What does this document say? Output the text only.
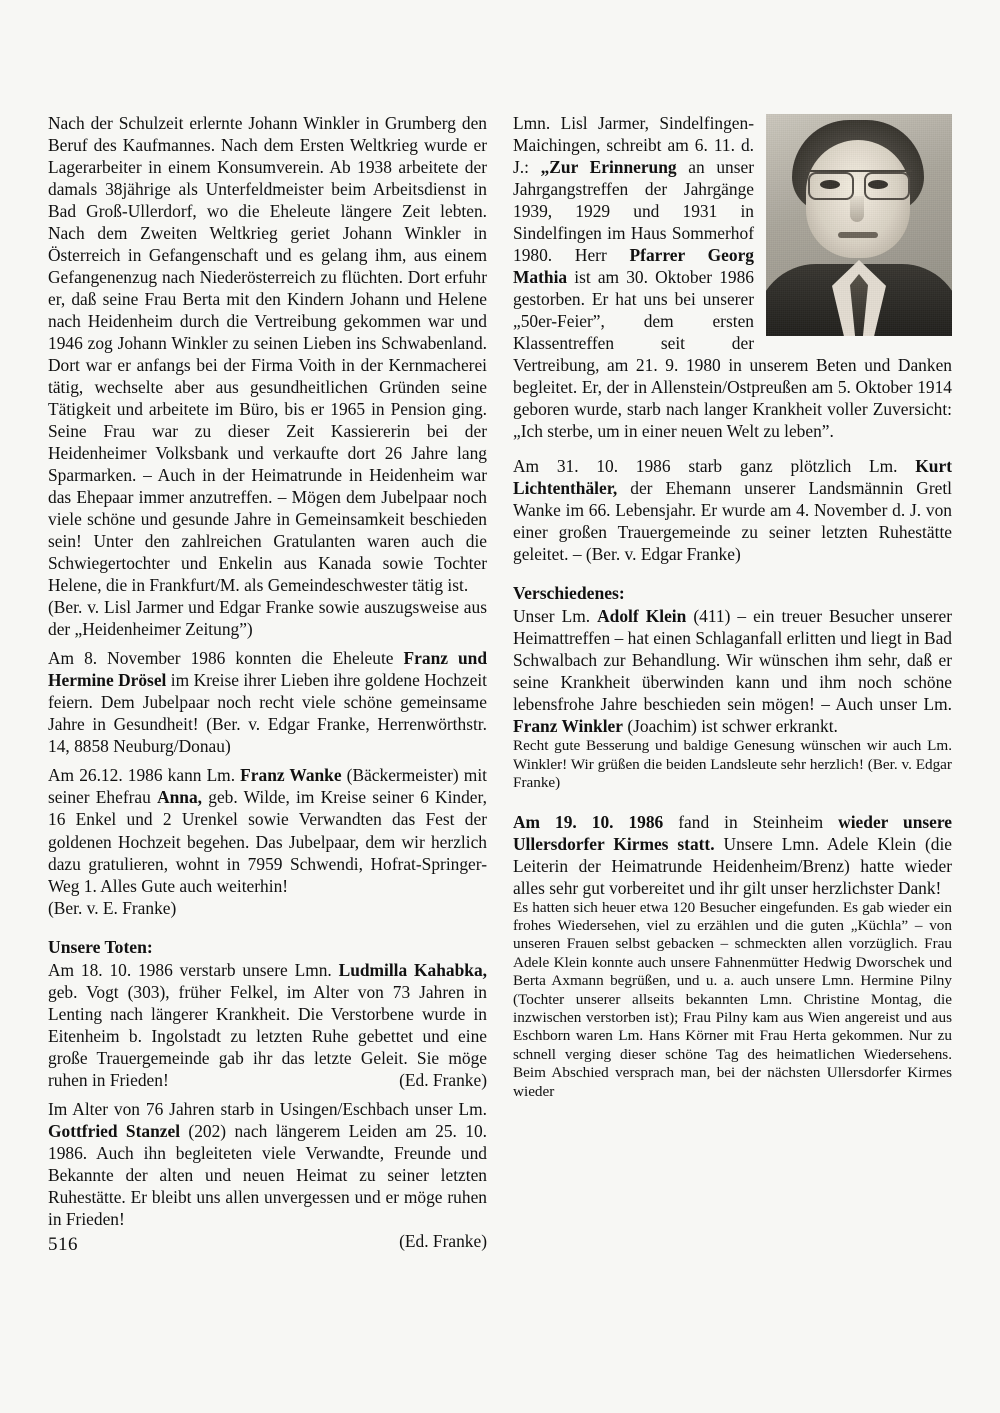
Nach der Schulzeit erlernte Johann Winkler in Grumberg den Beruf des Kaufmannes. Nach dem Ersten Weltkrieg wurde er Lagerarbeiter in einem Konsumverein. Ab 1938 arbeitete der damals 38jährige als Unterfeldmeister beim Arbeitsdienst in Bad Groß-Ullerdorf, wo die Eheleute längere Zeit lebten. Nach dem Zweiten Weltkrieg geriet Johann Winkler in Österreich in Gefangenschaft und es gelang ihm, aus einem Gefangenenzug nach Niederösterreich zu flüchten. Dort erfuhr er, daß seine Frau Berta mit den Kindern Johann und Helene nach Heidenheim durch die Vertreibung gekommen war und 1946 zog Johann Winkler zu seinen Lieben ins Schwabenland. Dort war er anfangs bei der Firma Voith in der Kernmacherei tätig, wechselte aber aus gesundheitlichen Gründen seine Tätigkeit und arbeitete im Büro, bis er 1965 in Pension ging. Seine Frau war zu dieser Zeit Kassiererin bei der Heidenheimer Volksbank und verkaufte dort 26 Jahre lang Sparmarken. – Auch in der Heimatrunde in Heidenheim war das Ehepaar immer anzutreffen. – Mögen dem Jubelpaar noch viele schöne und gesunde Jahre in Gemeinsamkeit beschieden sein! Unter den zahlreichen Gratulanten waren auch die Schwiegertochter und Enkelin aus Kanada sowie Tochter Helene, die in Frankfurt/M. als Gemeindeschwester tätig ist.

(Ber. v. Lisl Jarmer und Edgar Franke sowie auszugsweise aus der „Heidenheimer Zeitung”)

Am 8. November 1986 konnten die Eheleute Franz und Hermine Drösel im Kreise ihrer Lieben ihre goldene Hochzeit feiern. Dem Jubelpaar noch recht viele schöne gemeinsame Jahre in Gesundheit! (Ber. v. Edgar Franke, Herrenwörthstr. 14, 8858 Neuburg/Donau)

Am 26.12. 1986 kann Lm. Franz Wanke (Bäckermeister) mit seiner Ehefrau Anna, geb. Wilde, im Kreise seiner 6 Kinder, 16 Enkel und 2 Urenkel sowie Verwandten das Fest der goldenen Hochzeit begehen. Das Jubelpaar, dem wir herzlich dazu gratulieren, wohnt in 7959 Schwendi, Hofrat-Springer-Weg 1. Alles Gute auch weiterhin!

(Ber. v. E. Franke)

Unsere Toten:

Am 18. 10. 1986 verstarb unsere Lmn. Ludmilla Kahabka, geb. Vogt (303), früher Felkel, im Alter von 73 Jahren in Lenting nach längerer Krankheit. Die Verstorbene wurde in Eitenheim b. Ingolstadt zu letzten Ruhe gebettet und eine große Trauergemeinde gab ihr das letzte Geleit. Sie möge ruhen in Frieden!	(Ed. Franke)

Im Alter von 76 Jahren starb in Usingen/Eschbach unser Lm. Gottfried Stanzel (202) nach längerem Leiden am 25. 10. 1986. Auch ihn begleiteten viele Verwandte, Freunde und Bekannte der alten und neuen Heimat zu seiner letzten Ruhestätte. Er bleibt uns allen unvergessen und er möge ruhen in Frieden!

(Ed. Franke)

516

Lmn. Lisl Jarmer, Sindelfingen-Maichingen, schreibt am 6. 11. d. J.: „Zur Erinnerung an unser Jahrgangstreffen der Jahrgänge 1939, 1929 und 1931 in Sindelfingen im Haus Sommerhof 1980. Herr Pfarrer Georg Mathia ist am 30. Oktober 1986 gestorben. Er hat uns bei unserer „50er-Feier”, dem ersten Klassentreffen seit der Vertreibung, am 21. 9. 1980 in unserem Beten und Danken begleitet. Er, der in Allenstein/Ostpreußen am 5. Oktober 1914 geboren wurde, starb nach langer Krankheit voller Zuversicht: „Ich sterbe, um in einer neuen Welt zu leben”.

Am 31. 10. 1986 starb ganz plötzlich Lm. Kurt Lichtenthäler, der Ehemann unserer Landsmännin Gretl Wanke im 66. Lebensjahr. Er wurde am 4. November d. J. von einer großen Trauergemeinde zu seiner letzten Ruhestätte geleitet. – (Ber. v. Edgar Franke)

Verschiedenes:

Unser Lm. Adolf Klein (411) – ein treuer Besucher unserer Heimattreffen – hat einen Schlaganfall erlitten und liegt in Bad Schwalbach zur Behandlung. Wir wünschen ihm sehr, daß er seine Krankheit überwinden kann und ihm noch schöne lebensfrohe Jahre beschieden sein mögen! – Auch unser Lm. Franz Winkler (Joachim) ist schwer erkrankt.

Recht gute Besserung und baldige Genesung wünschen wir auch Lm. Winkler! Wir grüßen die beiden Landsleute sehr herzlich! (Ber. v. Edgar Franke)

Am 19. 10. 1986 fand in Steinheim wieder unsere Ullersdorfer Kirmes statt. Unsere Lmn. Adele Klein (die Leiterin der Heimatrunde Heidenheim/Brenz) hatte wieder alles sehr gut vorbereitet und ihr gilt unser herzlichster Dank!

Es hatten sich heuer etwa 120 Besucher eingefunden. Es gab wieder ein frohes Wiedersehen, viel zu erzählen und die guten „Küchla” – von unseren Frauen selbst gebacken – schmeckten allen vorzüglich. Frau Adele Klein konnte auch unsere Fahnenmütter Hedwig Dworschek und Berta Axmann begrüßen, und u. a. auch unsere Lmn. Hermine Pilny (Tochter unserer allseits bekannten Lmn. Christine Montag, die inzwischen verstorben ist); Frau Pilny kam aus Wien angereist und aus Eschborn waren Lm. Hans Körner mit Frau Herta gekommen. Nur zu schnell verging dieser schöne Tag des heimatlichen Wiedersehens. Beim Abschied versprach man, bei der nächsten Ullersdorfer Kirmes wieder
